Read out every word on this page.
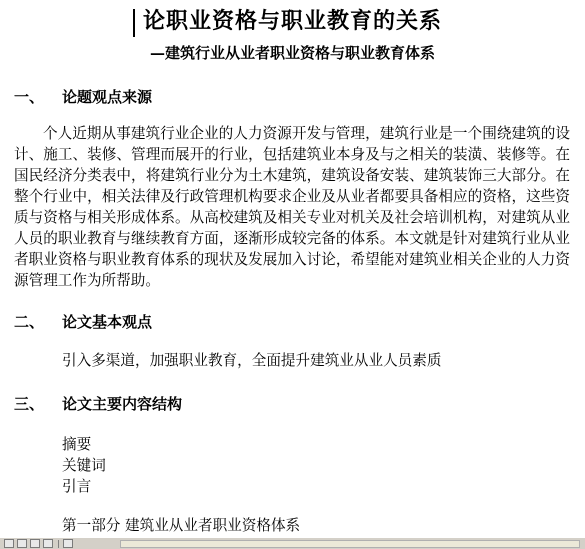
论职业资格与职业教育的关系
—建筑行业从业者职业资格与职业教育体系
一、 论题观点来源

个人近期从事建筑行业企业的人力资源开发与管理，建筑行业是一个围绕建筑的设计、施工、装修、管理而展开的行业，包括建筑业本身及与之相关的装潢、装修等。在国民经济分类表中，将建筑行业分为土木建筑，建筑设备安装、建筑装饰三大部分。在整个行业中，相关法律及行政管理机构要求企业及从业者都要具备相应的资格，这些资质与资格与相关形成体系。从高校建筑及相关专业对机关及社会培训机构，对建筑从业人员的职业教育与继续教育方面，逐渐形成较完备的体系。本文就是针对建筑行业从业者职业资格与职业教育体系的现状及发展加入讨论，希望能对建筑业相关企业的人力资源管理工作为所帮助。

二、 论文基本观点
引入多渠道，加强职业教育，全面提升建筑业从业人员素质
三、 论文主要内容结构
摘要
关键词
引言
第一部分 建筑业从业者职业资格体系
